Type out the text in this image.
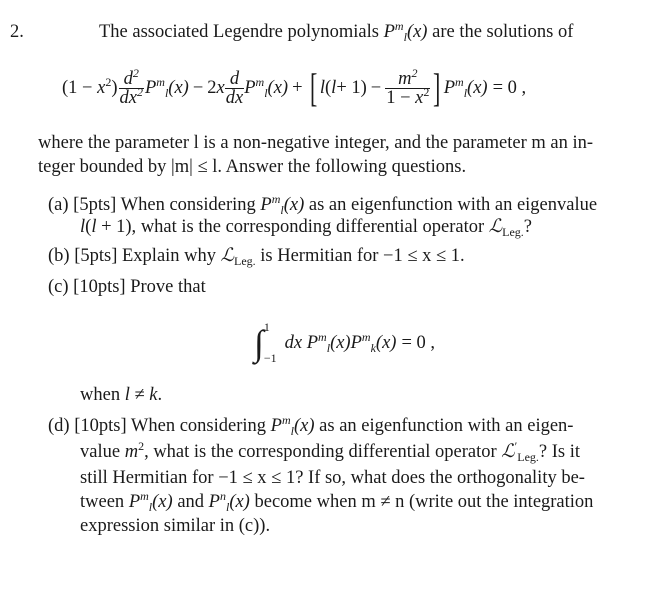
2.	The associated Legendre polynomials $P^m_l(x)$ are the solutions of
$(1 - x^2) \frac{d^2}{dx^2} P^m_l(x) - 2x \frac{d}{dx} P^m_l(x)$ + [ l ( $l + 1) - \frac{m^2}{1 - x^2}$ ] $P^m_l(x) = 0$ ,
where the parameter l is a non-negative integer, and the parameter m an in-
teger bounded by |m| ≤ l. Answer the following questions.
(a) [5pts] When considering $P^m_l(x)$ as an eigenfunction with an eigenvalue
l(l + 1), what is the corresponding differential operator ℒ$_{Leg.}$?
(b) [5pts] Explain why ℒ$_{Leg.}$ is Hermitian for −1 ≤ x ≤ 1.
(c) [10pts] Prove that
∫ 1
−1
dx $P^m_l(x)P^m_k(x) = 0$ ,
when l ≠ k.
(d) [10pts] When considering $P^m_l(x)$ as an eigenfunction with an eigen-
value $m^2$, what is the corresponding differential operator ℒ′$_{Leg.}$? Is it
still Hermitian for −1 ≤ x ≤ 1? If so, what does the orthogonality be-
tween $P^m_l(x)$ and $P^n_l(x)$ become when m ≠ n (write out the integration
expression similar in (c)).
